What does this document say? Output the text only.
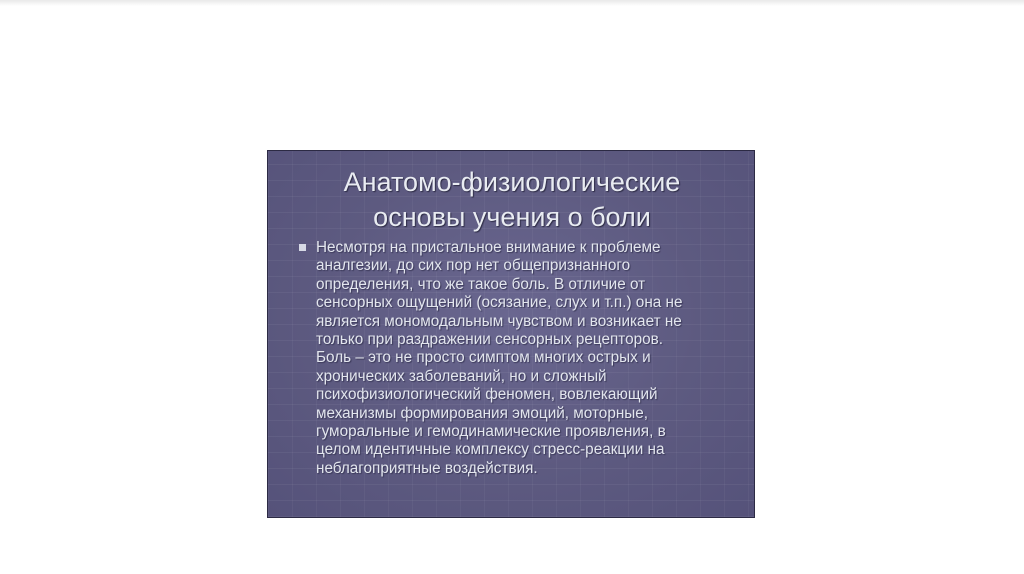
Анатомо-физиологические
основы учения о боли
Несмотря на пристальное внимание к проблеме
аналгезии, до сих пор нет общепризнанного
определения, что же такое боль. В отличие от
сенсорных ощущений (осязание, слух и т.п.) она не
является мономодальным чувством и возникает не
только при раздражении сенсорных рецепторов.
Боль – это не просто симптом многих острых и
хронических заболеваний, но и сложный
психофизиологический феномен, вовлекающий
механизмы формирования эмоций, моторные,
гуморальные и гемодинамические проявления, в
целом идентичные комплексу стресс-реакции на
неблагоприятные воздействия.
